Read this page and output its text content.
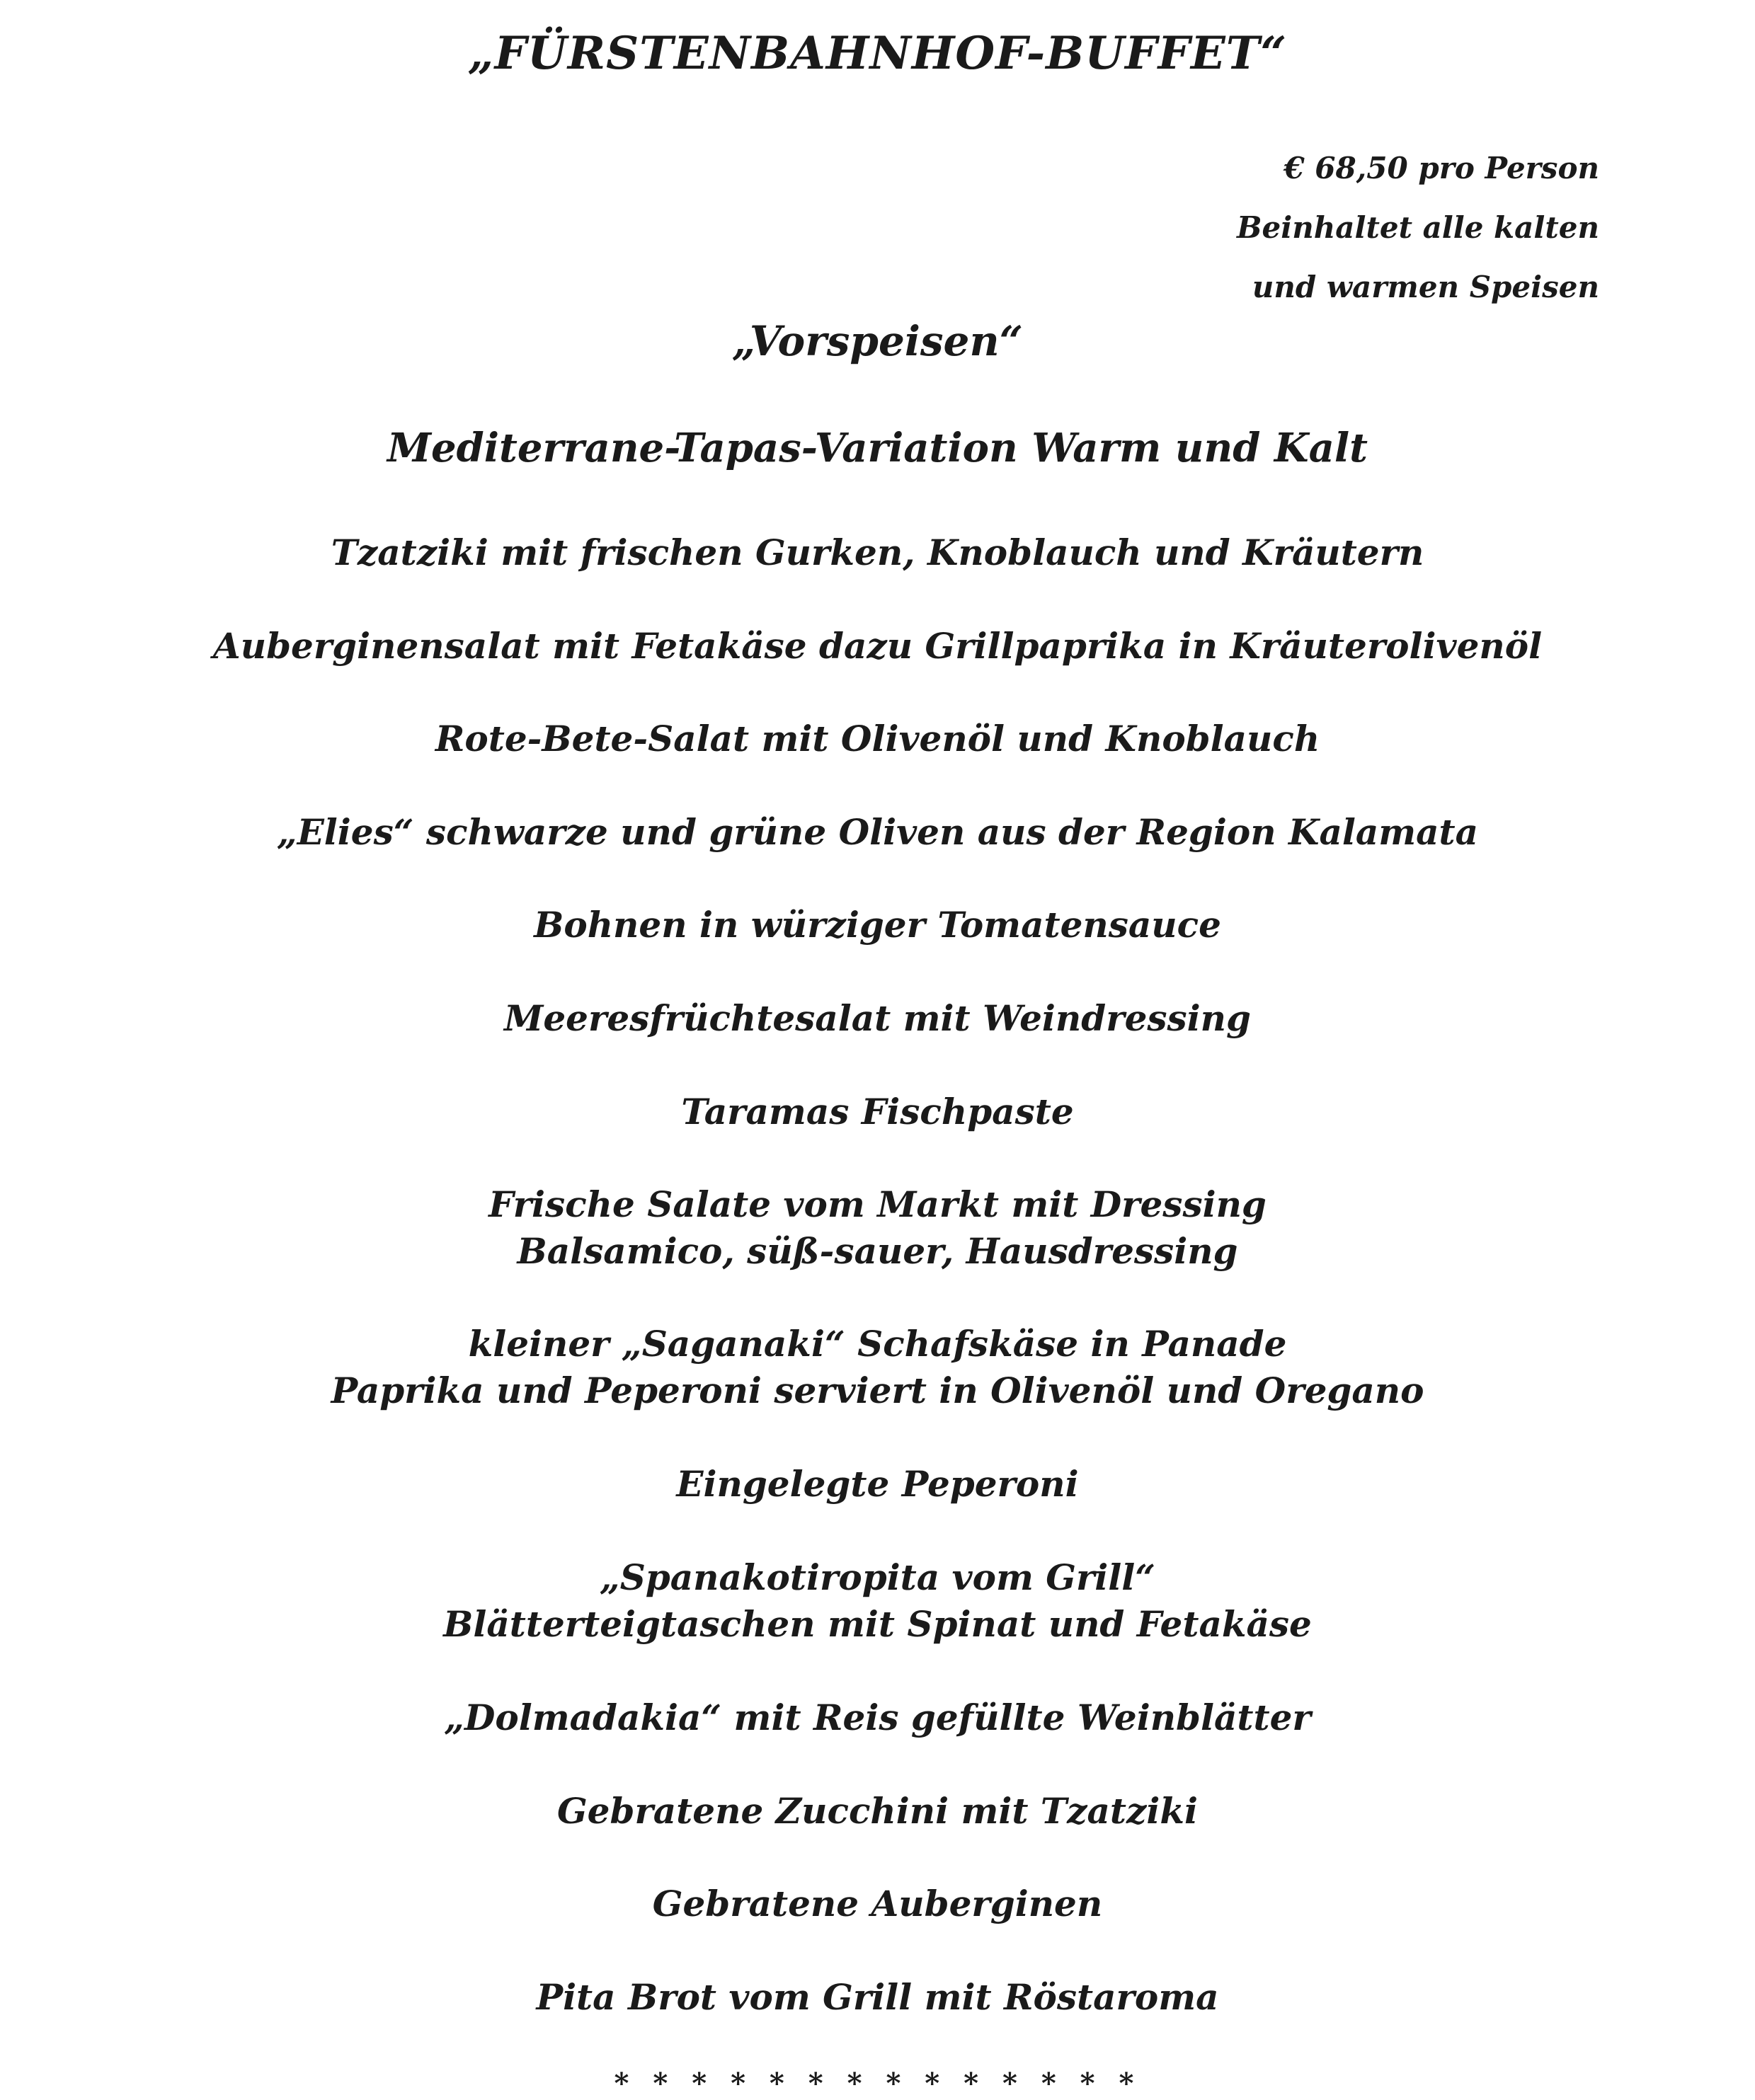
„FÜRSTENBAHNHOF-BUFFET“
€ 68,50 pro Person
Beinhaltet alle kalten
und warmen Speisen
„Vorspeisen“
Mediterrane-Tapas-Variation Warm und Kalt
Tzatziki mit frischen Gurken, Knoblauch und Kräutern
Auberginensalat mit Fetakäse dazu Grillpaprika in Kräuterolivenöl
Rote-Bete-Salat mit Olivenöl und Knoblauch
„Elies“ schwarze und grüne Oliven aus der Region Kalamata
Bohnen in würziger Tomatensauce
Meeresfrüchtesalat mit Weindressing
Taramas Fischpaste
Frische Salate vom Markt mit Dressing
Balsamico, süß-sauer, Hausdressing
kleiner „Saganaki“ Schafskäse in Panade
Paprika und Peperoni serviert in Olivenöl und Oregano
Eingelegte Peperoni
„Spanakotiropita vom Grill“
Blätterteigtaschen mit Spinat und Fetakäse
„Dolmadakia“ mit Reis gefüllte Weinblätter
Gebratene Zucchini mit Tzatziki
Gebratene Auberginen
Pita Brot vom Grill mit Röstaroma
* * * * * * * * * * * * * *
